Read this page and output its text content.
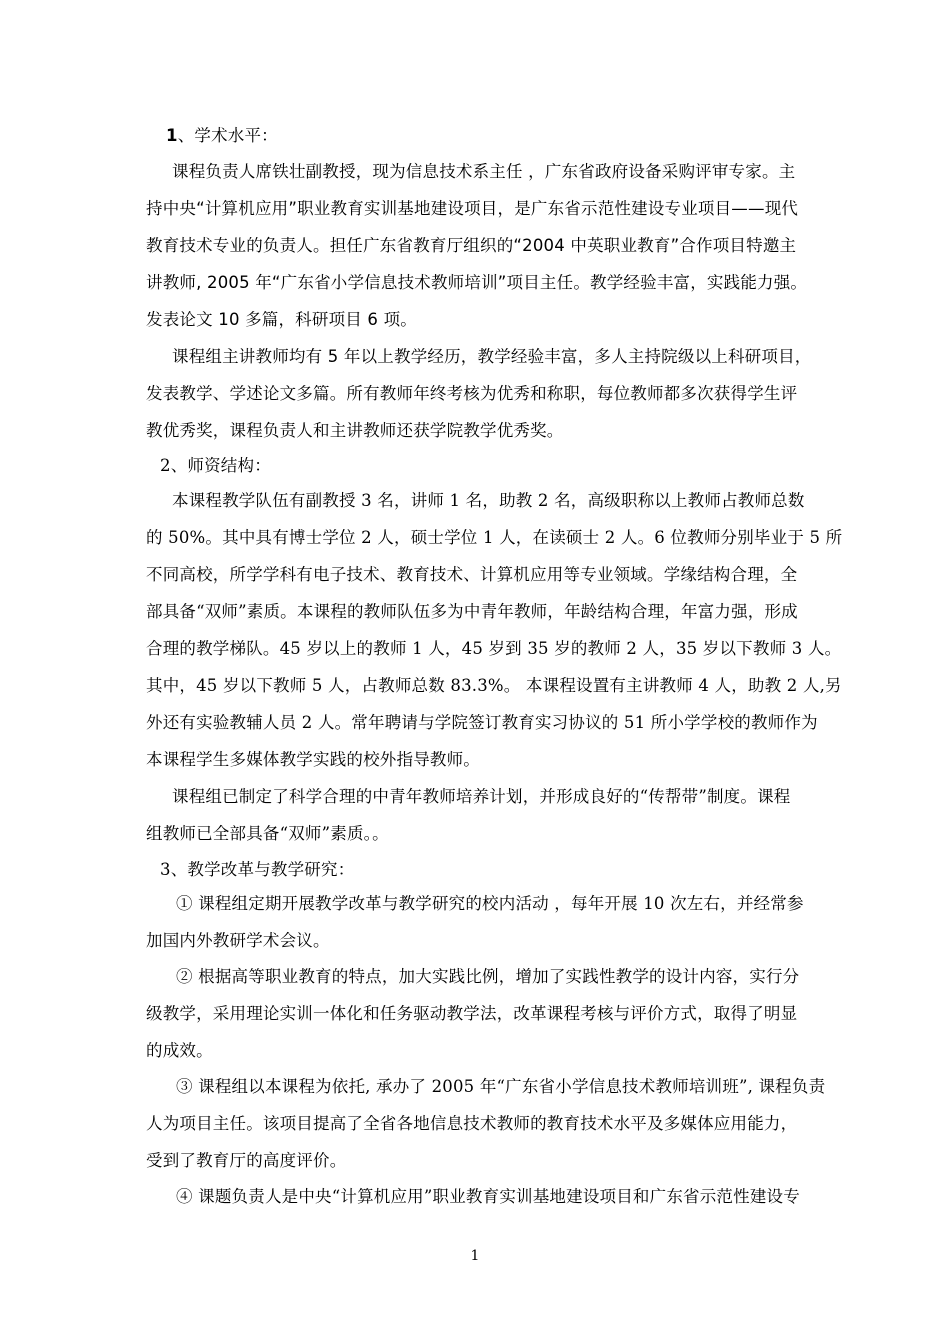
1、学术水平：
课程负责人席铁壮副教授，现为信息技术系主任 ，广东省政府设备采购评审专家。主
持中央“计算机应用”职业教育实训基地建设项目，是广东省示范性建设专业项目——现代
教育技术专业的负责人。担任广东省教育厅组织的“2004 中英职业教育”合作项目特邀主
讲教师, 2005 年“广东省小学信息技术教师培训”项目主任。教学经验丰富，实践能力强。
发表论文 10 多篇，科研项目 6 项。
课程组主讲教师均有 5 年以上教学经历，教学经验丰富，多人主持院级以上科研项目，
发表教学、学述论文多篇。所有教师年终考核为优秀和称职，每位教师都多次获得学生评
教优秀奖，课程负责人和主讲教师还获学院教学优秀奖。
2、师资结构：
本课程教学队伍有副教授 3 名，讲师 1 名，助教 2 名，高级职称以上教师占教师总数
的 50%。其中具有博士学位 2 人，硕士学位 1 人，在读硕士 2 人。6 位教师分别毕业于 5 所
不同高校，所学学科有电子技术、教育技术、计算机应用等专业领域。学缘结构合理，全
部具备“双师”素质。本课程的教师队伍多为中青年教师，年龄结构合理，年富力强，形成
合理的教学梯队。45 岁以上的教师 1 人，45 岁到 35 岁的教师 2 人，35 岁以下教师 3 人。
其中，45 岁以下教师 5 人，占教师总数 83.3%。 本课程设置有主讲教师 4 人，助教 2 人,另
外还有实验教辅人员 2 人。常年聘请与学院签订教育实习协议的 51 所小学学校的教师作为
本课程学生多媒体教学实践的校外指导教师。
课程组已制定了科学合理的中青年教师培养计划，并形成良好的“传帮带”制度。课程
组教师已全部具备“双师”素质。。
3、教学改革与教学研究：
① 课程组定期开展教学改革与教学研究的校内活动 ，每年开展 10 次左右，并经常参
加国内外教研学术会议。
② 根据高等职业教育的特点，加大实践比例，增加了实践性教学的设计内容，实行分
级教学，采用理论实训一体化和任务驱动教学法，改革课程考核与评价方式，取得了明显
的成效。
③ 课程组以本课程为依托, 承办了 2005 年“广东省小学信息技术教师培训班”, 课程负责
人为项目主任。该项目提高了全省各地信息技术教师的教育技术水平及多媒体应用能力，
受到了教育厅的高度评价。
④ 课题负责人是中央“计算机应用”职业教育实训基地建设项目和广东省示范性建设专
1
